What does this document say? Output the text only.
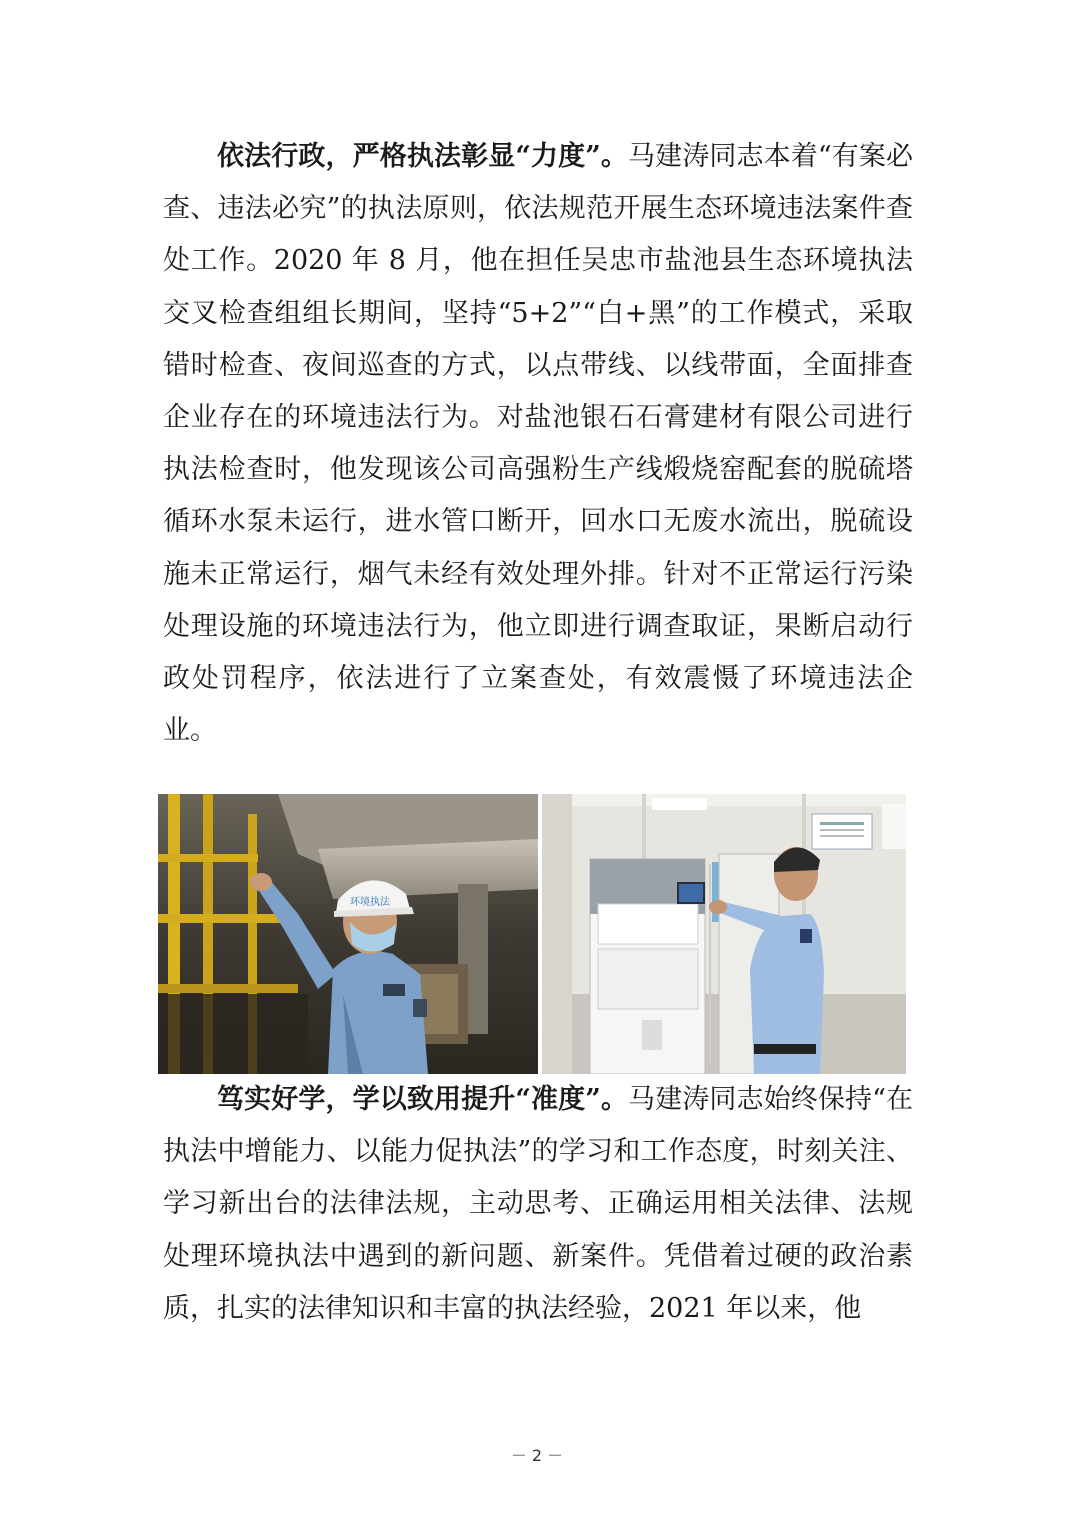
依法行政，严格执法彰显“力度”。马建涛同志本着“有案必查、违法必究”的执法原则，依法规范开展生态环境违法案件查处工作。2020 年 8 月，他在担任吴忠市盐池县生态环境执法交叉检查组组长期间，坚持“5+2”“白+黑”的工作模式，采取错时检查、夜间巡查的方式，以点带线、以线带面，全面排查企业存在的环境违法行为。对盐池银石石膏建材有限公司进行执法检查时，他发现该公司高强粉生产线煅烧窑配套的脱硫塔循环水泵未运行，进水管口断开，回水口无废水流出，脱硫设施未正常运行，烟气未经有效处理外排。针对不正常运行污染处理设施的环境违法行为，他立即进行调查取证，果断启动行政处罚程序，依法进行了立案查处，有效震慑了环境违法企业。

环境执法

笃实好学，学以致用提升“准度”。马建涛同志始终保持“在执法中增能力、以能力促执法”的学习和工作态度，时刻关注、学习新出台的法律法规，主动思考、正确运用相关法律、法规处理环境执法中遇到的新问题、新案件。凭借着过硬的政治素质，扎实的法律知识和丰富的执法经验，2021 年以来，他

－ 2 －
